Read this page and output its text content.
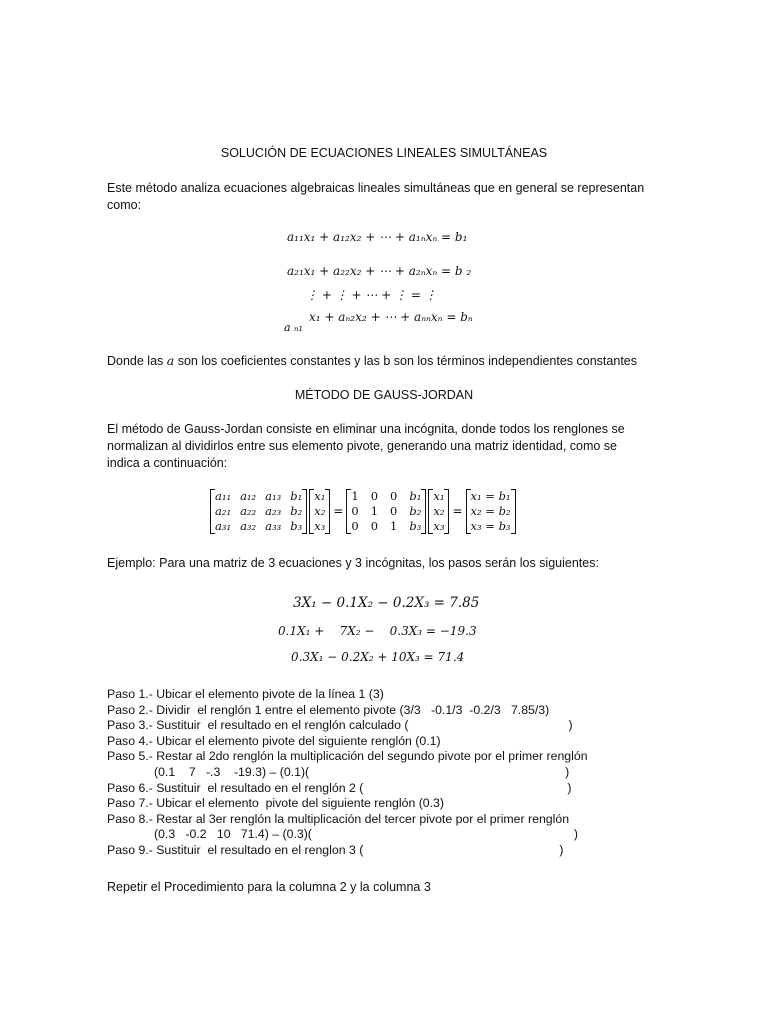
SOLUCIÓN DE ECUACIONES LINEALES SIMULTÁNEAS
Este método analiza ecuaciones algebraicas lineales simultáneas que en general se representan
como:
a₁₁x₁ + a₁₂x₂ + ⋯ + a₁ₙxₙ = b₁
a₂₁x₁ + a₂₂x₂ + ⋯ + a₂ₙxₙ = b ₂
⋮ + ⋮ + ⋯ + ⋮ = ⋮
a ₙ₁
x₁ + aₙ₂x₂ + ⋯ + aₙₙxₙ = bₙ
Donde las a son los coeficientes constantes y las b son los términos independientes constantes
MÉTODO DE GAUSS-JORDAN
El método de Gauss-Jordan consiste en eliminar una incógnita, donde todos los renglones se
normalizan al dividirlos entre sus elemento pivote, generando una matriz identidad, como se
indica a continuación:
a₁₁ a₁₂ a₁₃ b₁
a₂₁ a₂₂ a₂₃ b₂
a₃₁ a₃₂ a₃₃ b₃
x₁
x₂
x₃
=
1 0 0 b₁
0 1 0 b₂
0 0 1 b₃
x₁
x₂
x₃
=
x₁ = b₁
x₂ = b₂
x₃ = b₃
Ejemplo: Para una matriz de 3 ecuaciones y 3 incógnitas, los pasos serán los siguientes:
3X₁ − 0.1X₂ − 0.2X₃ = 7.85
0.1X₁ +    7X₂ −    0.3X₃ = −19.3
0.3X₁ − 0.2X₂ + 10X₃ = 71.4
Paso 1.- Ubicar el elemento pivote de la línea 1 (3)
Paso 2.- Dividir  el renglón 1 entre el elemento pivote (3/3   -0.1/3  -0.2/3   7.85/3)
Paso 3.- Sustituir  el resultado en el renglón calculado (	)
Paso 4.- Ubicar el elemento pivote del siguiente renglón (0.1)
Paso 5.- Restar al 2do renglón la multiplicación del segundo pivote por el primer renglón
(0.1    7   -.3    -19.3) – (0.1)(	)
Paso 6.- Sustituir  el resultado en el renglón 2 (	)
Paso 7.- Ubicar el elemento  pivote del siguiente renglón (0.3)
Paso 8.- Restar al 3er renglón la multiplicación del tercer pivote por el primer renglón
(0.3   -0.2   10   71.4) – (0.3)(	)
Paso 9.- Sustituir  el resultado en el renglon 3 (	)
Repetir el Procedimiento para la columna 2 y la columna 3
